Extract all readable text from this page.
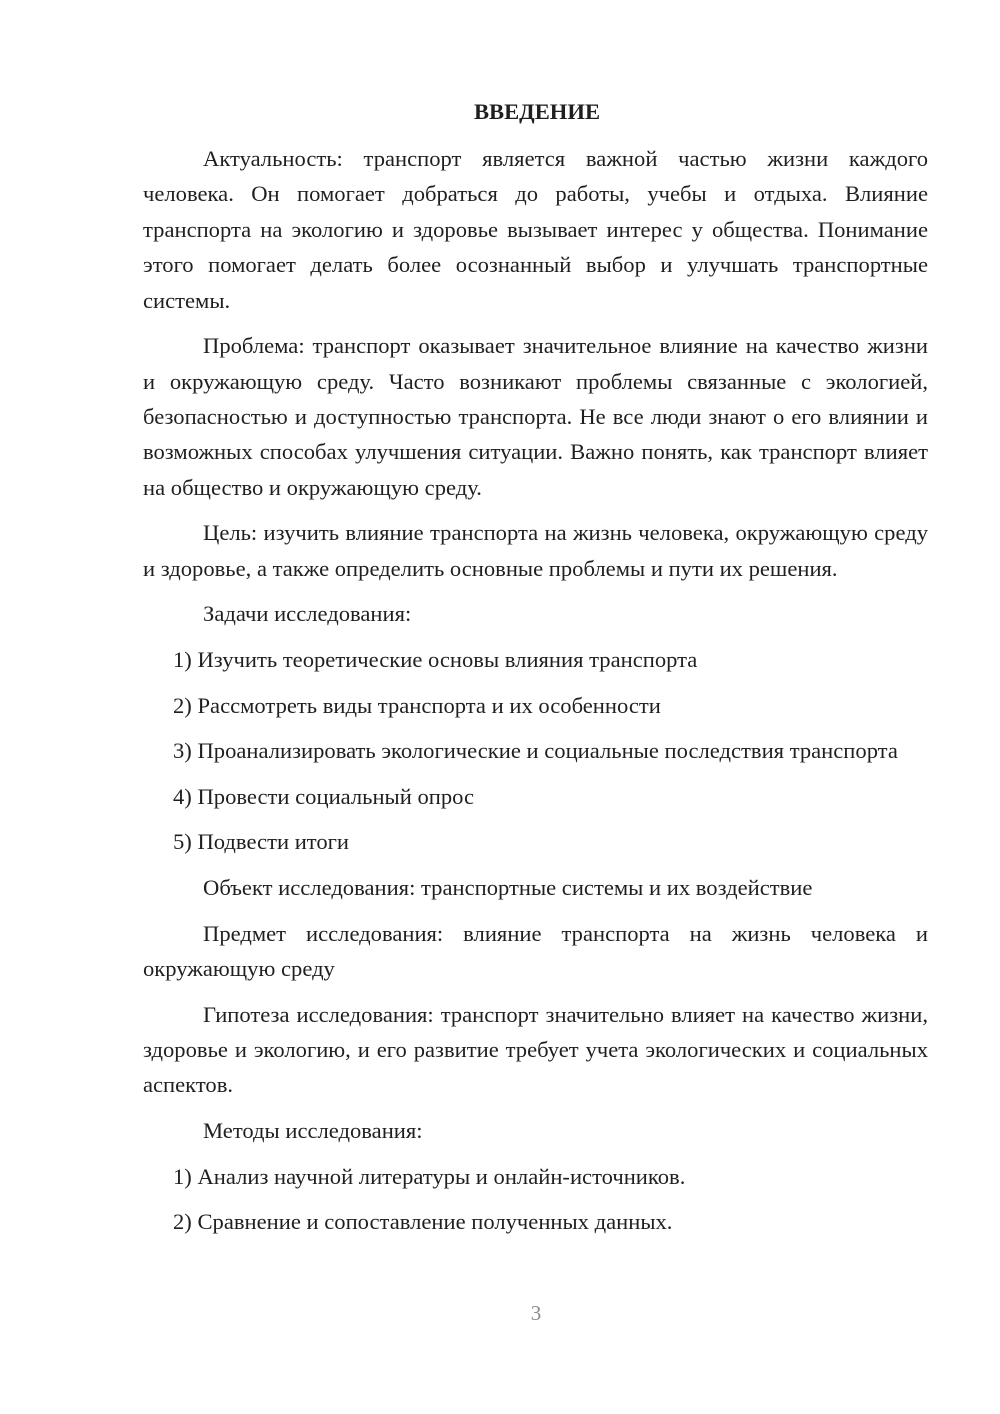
ВВЕДЕНИЕ
Актуальность: транспорт является важной частью жизни каждого человека. Он помогает добраться до работы, учебы и отдыха. Влияние транспорта на экологию и здоровье вызывает интерес у общества. Понимание этого помогает делать более осознанный выбор и улучшать транспортные системы.
Проблема: транспорт оказывает значительное влияние на качество жизни и окружающую среду. Часто возникают проблемы связанные с экологией, безопасностью и доступностью транспорта. Не все люди знают о его влиянии и возможных способах улучшения ситуации. Важно понять, как транспорт влияет на общество и окружающую среду.
Цель: изучить влияние транспорта на жизнь человека, окружающую среду и здоровье, а также определить основные проблемы и пути их решения.
Задачи исследования:
1) Изучить теоретические основы влияния транспорта
2) Рассмотреть виды транспорта и их особенности
3) Проанализировать экологические и социальные последствия транспорта
4) Провести социальный опрос
5) Подвести итоги
Объект исследования: транспортные системы и их воздействие
Предмет исследования: влияние транспорта на жизнь человека и окружающую среду
Гипотеза исследования: транспорт значительно влияет на качество жизни, здоровье и экологию, и его развитие требует учета экологических и социальных аспектов.
Методы исследования:
1) Анализ научной литературы и онлайн-источников.
2) Сравнение и сопоставление полученных данных.
3
